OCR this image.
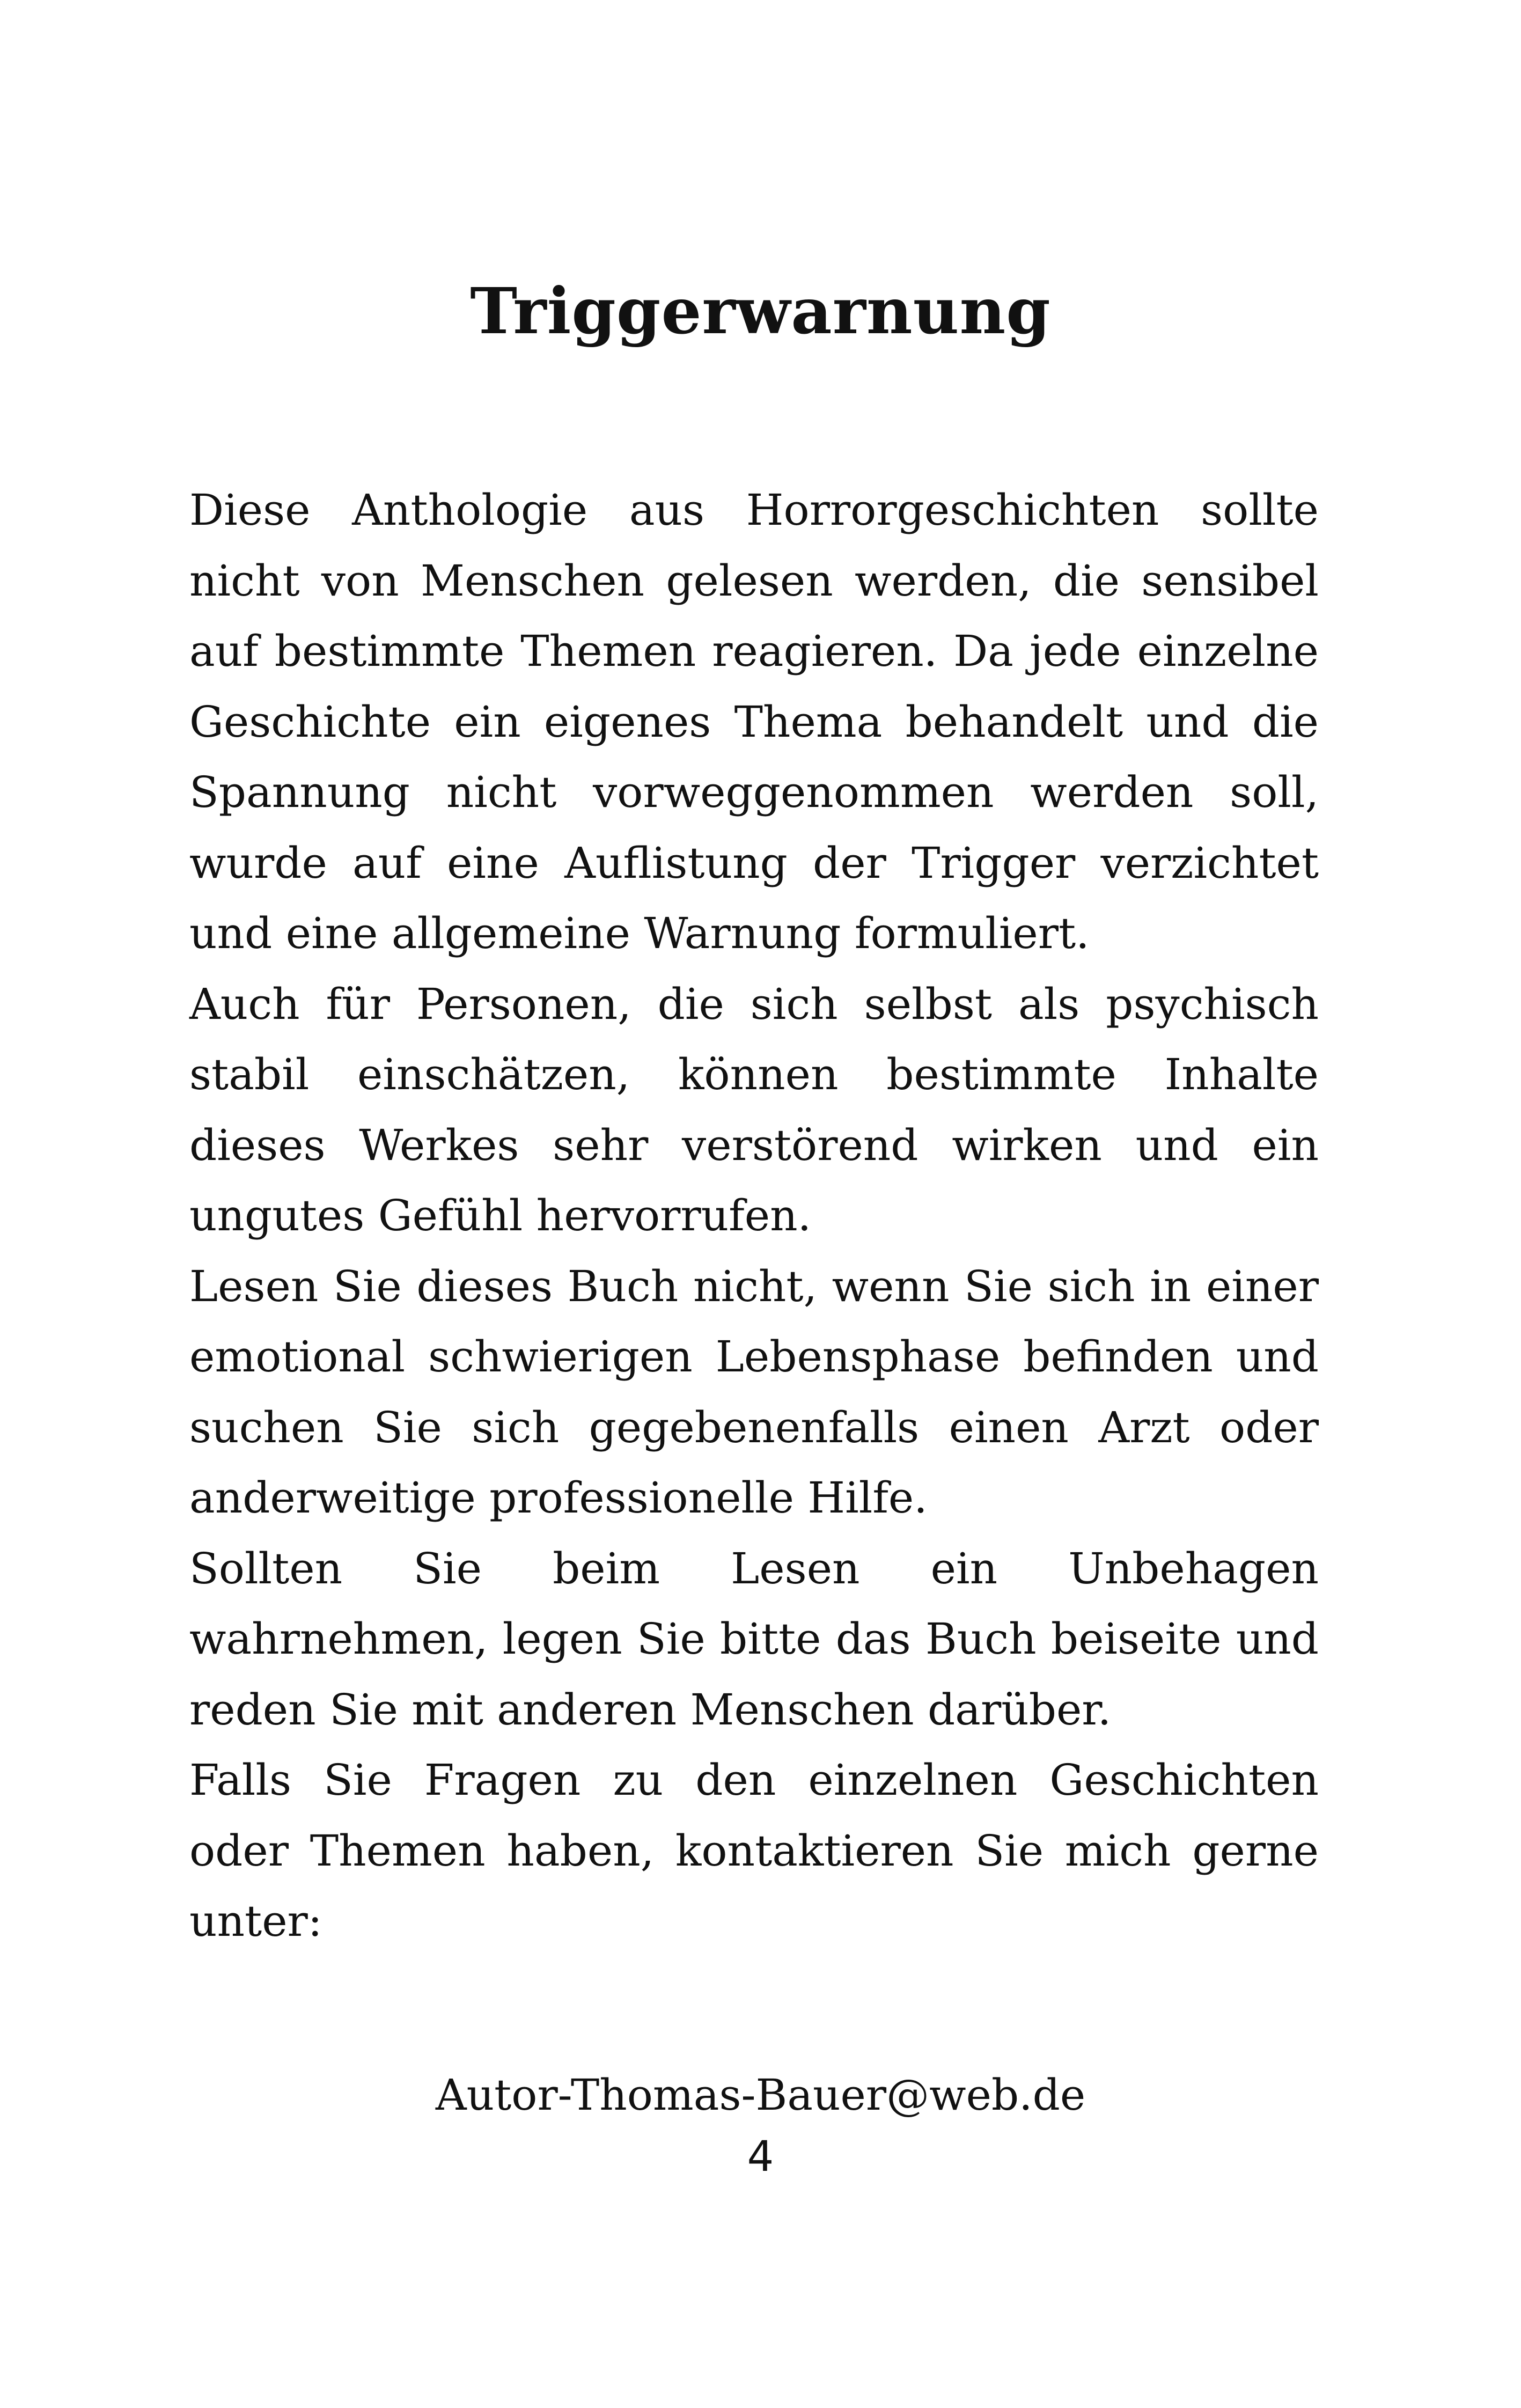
Triggerwarnung

Diese Anthologie aus Horrorgeschichten sollte nicht von Menschen gelesen werden, die sensibel auf bestimmte Themen reagieren. Da jede einzelne Geschichte ein eigenes Thema behandelt und die Spannung nicht vorweggenommen werden soll, wurde auf eine Auflistung der Trigger verzichtet und eine allgemeine Warnung formuliert.

Auch für Personen, die sich selbst als psychisch stabil einschätzen, können bestimmte Inhalte dieses Werkes sehr verstörend wirken und ein ungutes Gefühl hervorrufen.

Lesen Sie dieses Buch nicht, wenn Sie sich in einer emotional schwierigen Lebensphase befinden und suchen Sie sich gegebenenfalls einen Arzt oder anderweitige professionelle Hilfe.

Sollten Sie beim Lesen ein Unbehagen wahrnehmen, legen Sie bitte das Buch beiseite und reden Sie mit anderen Menschen darüber.

Falls Sie Fragen zu den einzelnen Geschichten oder Themen haben, kontaktieren Sie mich gerne unter:

Autor-Thomas-Bauer@web.de

4
